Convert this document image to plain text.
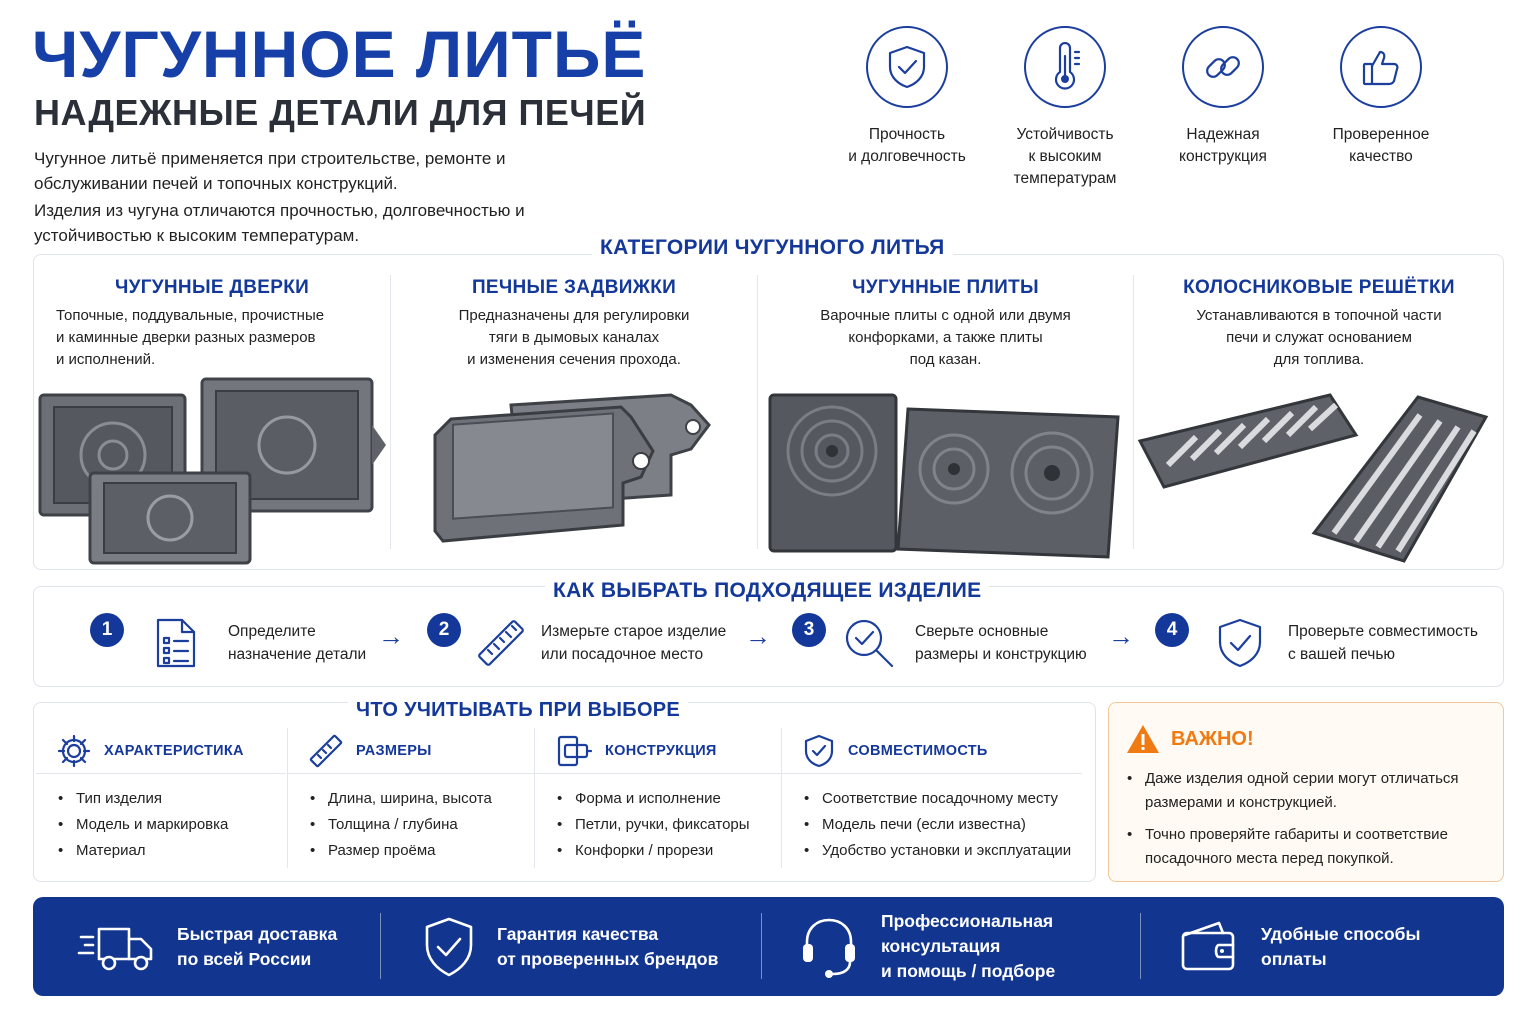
ЧУГУННОЕ ЛИТЬЁ
НАДЕЖНЫЕ ДЕТАЛИ ДЛЯ ПЕЧЕЙ
Чугунное литьё применяется при строительстве, ремонте и обслуживании печей и топочных конструкций.
Изделия из чугуна отличаются прочностью, долговечностью и устойчивостью к высоким температурам.
Прочность
и долговечность
Устойчивость
к высоким
температурам
Надежная
конструкция
Проверенное
качество
ЧУГУННЫЕ ДВЕРКИ

Топочные, поддувальные, прочистные
и каминные дверки разных размеров
и исполнений.

ПЕЧНЫЕ ЗАДВИЖКИ

Предназначены для регулировки
тяги в дымовых каналах
и изменения сечения прохода.

ЧУГУННЫЕ ПЛИТЫ

Варочные плиты с одной или двумя
конфорками, а также плиты
под казан.

КОЛОСНИКОВЫЕ РЕШЁТКИ

Устанавливаются в топочной части
печи и служат основанием
для топлива.

КАТЕГОРИИ ЧУГУННОГО ЛИТЬЯ
КАК ВЫБРАТЬ ПОДХОДЯЩЕЕ ИЗДЕЛИЕ
1	Определите
назначение детали
→	2	Измерьте старое изделие
или посадочное место
→	3	Сверьте основные
размеры и конструкцию
→	4	Проверьте совместимость
с вашей печью
ЧТО УЧИТЫВАТЬ ПРИ ВЫБОРЕ
ХАРАКТЕРИСТИКА
• Тип изделия
• Модель и маркировка
• Материал
РАЗМЕРЫ
• Длина, ширина, высота
• Толщина / глубина
• Размер проёма
КОНСТРУКЦИЯ
• Форма и исполнение
• Петли, ручки, фиксаторы
• Конфорки / прорези
СОВМЕСТИМОСТЬ
• Соответствие посадочному месту
• Модель печи (если известна)
• Удобство установки и эксплуатации
ВАЖНО!
• Даже изделия одной серии могут отличаться размерами и конструкцией.
• Точно проверяйте габариты и соответствие посадочного места перед покупкой.
Быстрая доставка
по всей России
Гарантия качества
от проверенных брендов
Профессиональная
консультация
и помощь / подборе
Удобные способы
оплаты
